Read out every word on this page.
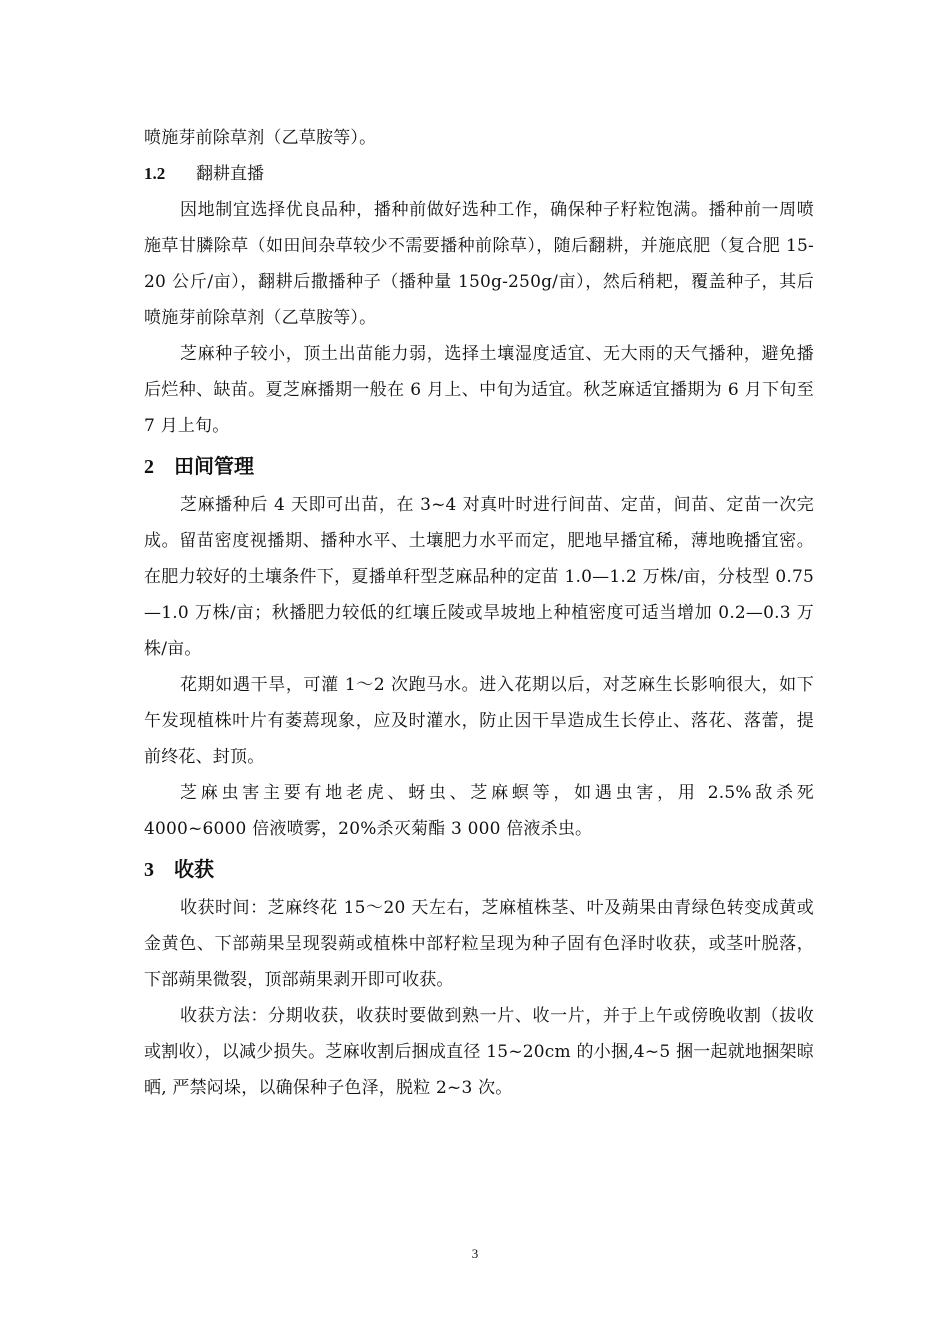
喷施芽前除草剂（乙草胺等）。

1.2 翻耕直播

因地制宜选择优良品种，播种前做好选种工作，确保种子籽粒饱满。播种前一周喷施草甘膦除草（如田间杂草较少不需要播种前除草），随后翻耕，并施底肥（复合肥 15-20 公斤/亩），翻耕后撒播种子（播种量 150g-250g/亩），然后稍耙，覆盖种子，其后喷施芽前除草剂（乙草胺等）。

芝麻种子较小，顶土出苗能力弱，选择土壤湿度适宜、无大雨的天气播种，避免播后烂种、缺苗。夏芝麻播期一般在 6 月上、中旬为适宜。秋芝麻适宜播期为 6 月下旬至 7 月上旬。

2 田间管理

芝麻播种后 4 天即可出苗，在 3~4 对真叶时进行间苗、定苗，间苗、定苗一次完成。留苗密度视播期、播种水平、土壤肥力水平而定，肥地早播宜稀，薄地晚播宜密。在肥力较好的土壤条件下，夏播单秆型芝麻品种的定苗 1.0—1.2 万株/亩，分枝型 0.75—1.0 万株/亩；秋播肥力较低的红壤丘陵或旱坡地上种植密度可适当增加 0.2—0.3 万株/亩。

花期如遇干旱，可灌 1～2 次跑马水。进入花期以后，对芝麻生长影响很大，如下午发现植株叶片有萎蔫现象，应及时灌水，防止因干旱造成生长停止、落花、落蕾，提前终花、封顶。

芝麻虫害主要有地老虎、蚜虫、芝麻螟等，如遇虫害，用 2.5%敌杀死 4000~6000 倍液喷雾，20%杀灭菊酯 3 000 倍液杀虫。

3 收获

收获时间：芝麻终花 15～20 天左右，芝麻植株茎、叶及蒴果由青绿色转变成黄或金黄色、下部蒴果呈现裂蒴或植株中部籽粒呈现为种子固有色泽时收获，或茎叶脱落，下部蒴果微裂，顶部蒴果剥开即可收获。

收获方法：分期收获，收获时要做到熟一片、收一片，并于上午或傍晚收割（拔收或割收），以减少损失。芝麻收割后捆成直径 15~20cm 的小捆,4~5 捆一起就地捆架晾晒, 严禁闷垛，以确保种子色泽，脱粒 2~3 次。

3
